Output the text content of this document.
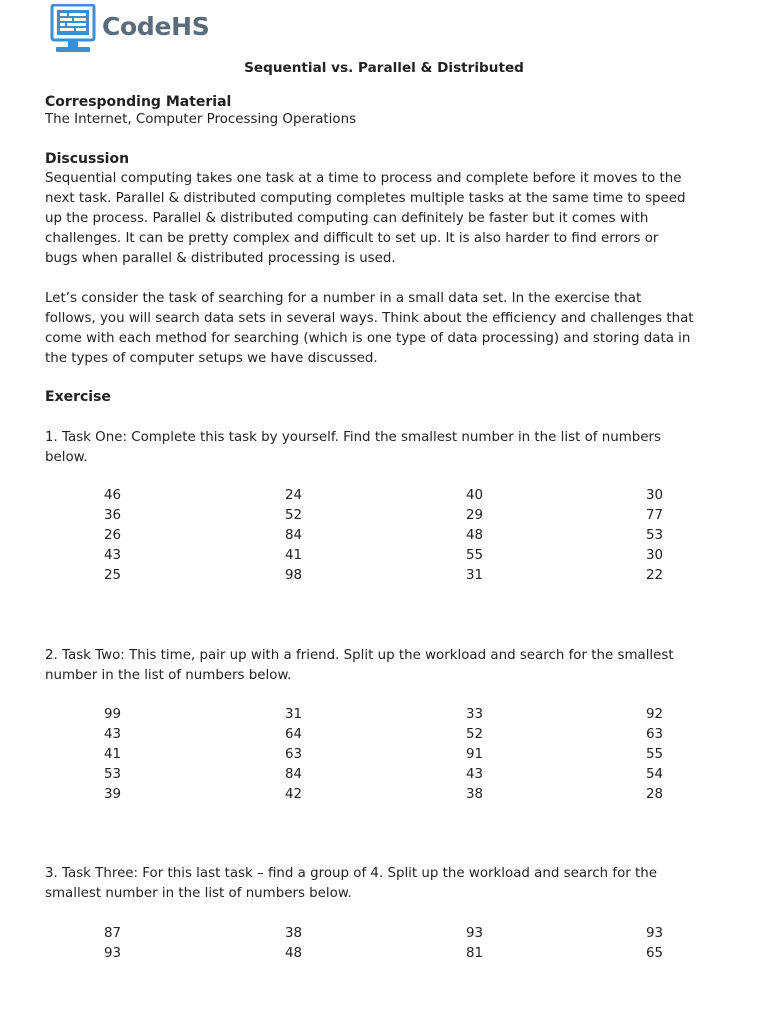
CodeHS
Sequential vs. Parallel & Distributed
Corresponding Material
The Internet, Computer Processing Operations
Discussion
Sequential computing takes one task at a time to process and complete before it moves to the
next task. Parallel & distributed computing completes multiple tasks at the same time to speed
up the process. Parallel & distributed computing can definitely be faster but it comes with
challenges. It can be pretty complex and difficult to set up. It is also harder to find errors or
bugs when parallel & distributed processing is used.
Let’s consider the task of searching for a number in a small data set. In the exercise that
follows, you will search data sets in several ways. Think about the efficiency and challenges that
come with each method for searching (which is one type of data processing) and storing data in
the types of computer setups we have discussed.
Exercise
1. Task One: Complete this task by yourself. Find the smallest number in the list of numbers
below.
46	24	40	30
36	52	29	77
26	84	48	53
43	41	55	30
25	98	31	22
2. Task Two: This time, pair up with a friend. Split up the workload and search for the smallest
number in the list of numbers below.
99	31	33	92
43	64	52	63
41	63	91	55
53	84	43	54
39	42	38	28
3. Task Three: For this last task – find a group of 4. Split up the workload and search for the
smallest number in the list of numbers below.
87	38	93	93
93	48	81	65
